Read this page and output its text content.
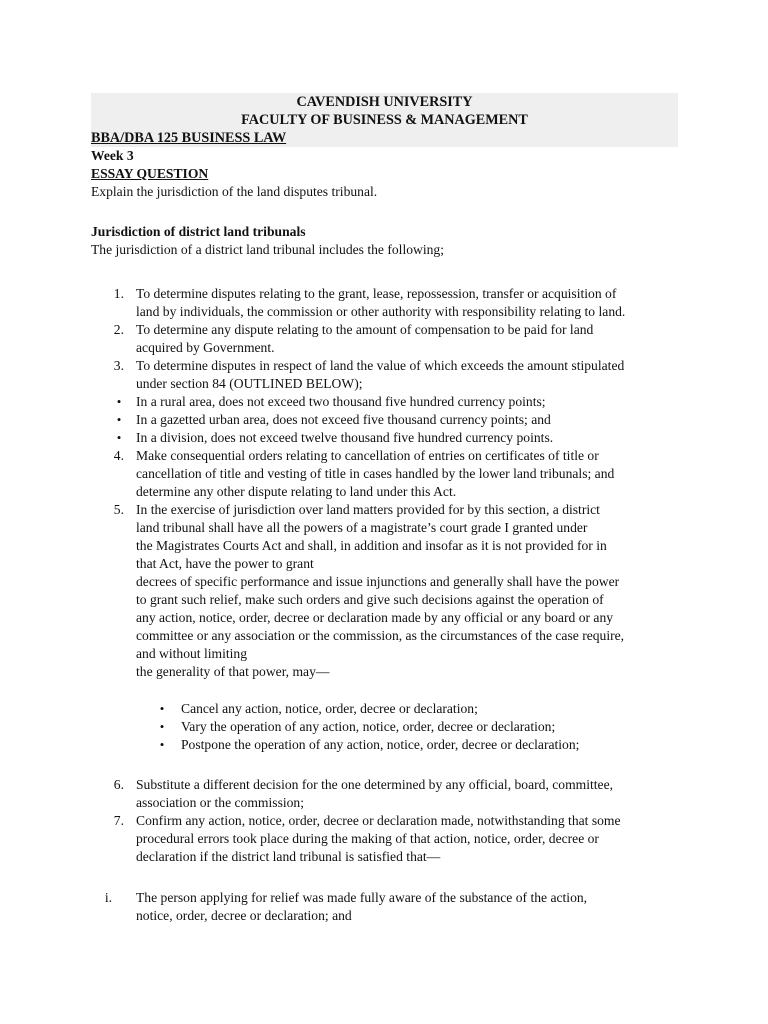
CAVENDISH UNIVERSITY
FACULTY OF BUSINESS & MANAGEMENT
BBA/DBA 125 BUSINESS LAW
Week 3
ESSAY QUESTION
Explain the jurisdiction of the land disputes tribunal.
Jurisdiction of district land tribunals
The jurisdiction of a district land tribunal includes the following;
1. To determine disputes relating to the grant, lease, repossession, transfer or acquisition of
land by individuals, the commission or other authority with responsibility relating to land.
2. To determine any dispute relating to the amount of compensation to be paid for land
acquired by Government.
3. To determine disputes in respect of land the value of which exceeds the amount stipulated
under section 84 (OUTLINED BELOW);
• In a rural area, does not exceed two thousand five hundred currency points;
• In a gazetted urban area, does not exceed five thousand currency points; and
• In a division, does not exceed twelve thousand five hundred currency points.
4. Make consequential orders relating to cancellation of entries on certificates of title or
cancellation of title and vesting of title in cases handled by the lower land tribunals; and
determine any other dispute relating to land under this Act.
5. In the exercise of jurisdiction over land matters provided for by this section, a district
land tribunal shall have all the powers of a magistrate’s court grade I granted under
the Magistrates Courts Act and shall, in addition and insofar as it is not provided for in
that Act, have the power to grant
decrees of specific performance and issue injunctions and generally shall have the power
to grant such relief, make such orders and give such decisions against the operation of
any action, notice, order, decree or declaration made by any official or any board or any
committee or any association or the commission, as the circumstances of the case require,
and without limiting
the generality of that power, may—
• Cancel any action, notice, order, decree or declaration;
• Vary the operation of any action, notice, order, decree or declaration;
• Postpone the operation of any action, notice, order, decree or declaration;
6. Substitute a different decision for the one determined by any official, board, committee,
association or the commission;
7. Confirm any action, notice, order, decree or declaration made, notwithstanding that some
procedural errors took place during the making of that action, notice, order, decree or
declaration if the district land tribunal is satisfied that—
i. The person applying for relief was made fully aware of the substance of the action,
notice, order, decree or declaration; and
